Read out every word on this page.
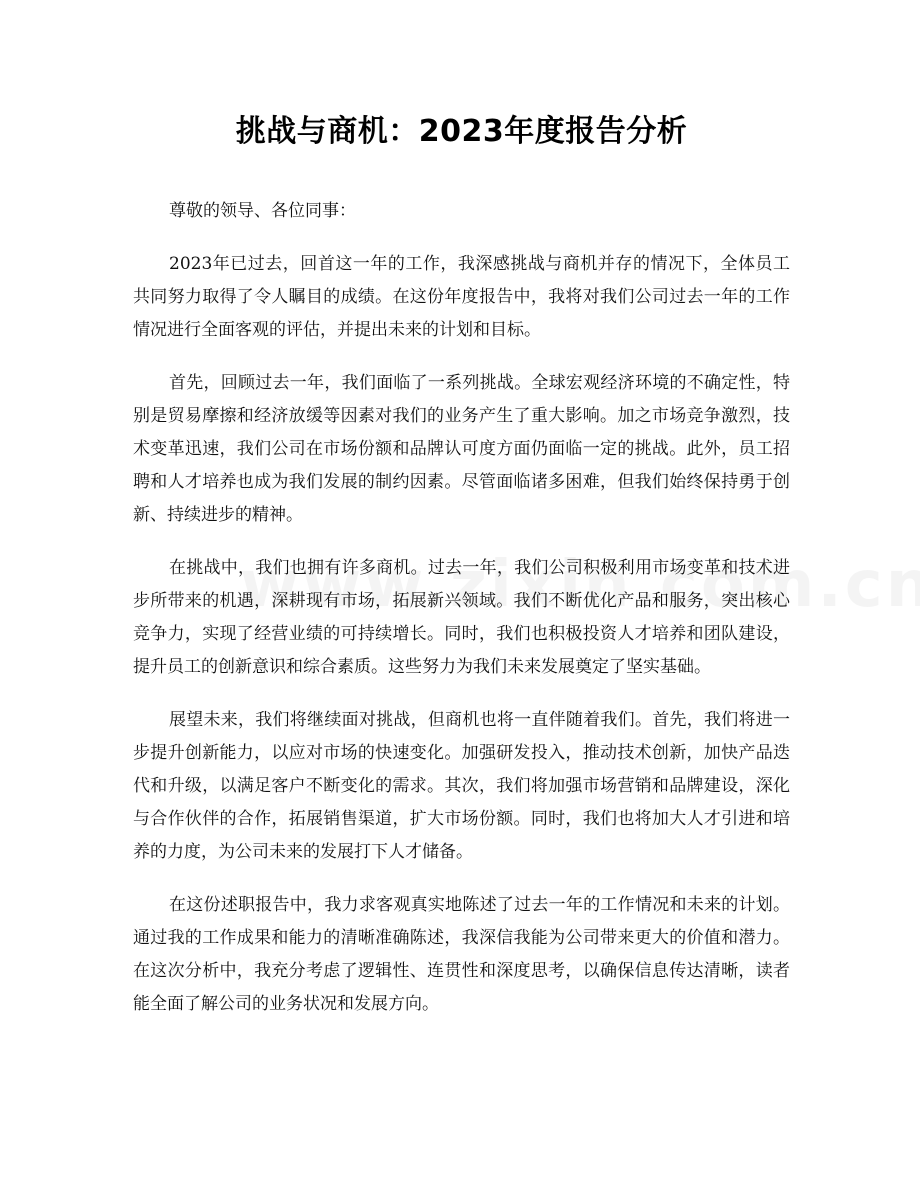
挑战与商机：2023年度报告分析

尊敬的领导、各位同事：

2023年已过去，回首这一年的工作，我深感挑战与商机并存的情况下，全体员工共同努力取得了令人瞩目的成绩。在这份年度报告中，我将对我们公司过去一年的工作情况进行全面客观的评估，并提出未来的计划和目标。

首先，回顾过去一年，我们面临了一系列挑战。全球宏观经济环境的不确定性，特别是贸易摩擦和经济放缓等因素对我们的业务产生了重大影响。加之市场竞争激烈，技术变革迅速，我们公司在市场份额和品牌认可度方面仍面临一定的挑战。此外，员工招聘和人才培养也成为我们发展的制约因素。尽管面临诸多困难，但我们始终保持勇于创新、持续进步的精神。

在挑战中，我们也拥有许多商机。过去一年，我们公司积极利用市场变革和技术进步所带来的机遇，深耕现有市场，拓展新兴领域。我们不断优化产品和服务，突出核心竞争力，实现了经营业绩的可持续增长。同时，我们也积极投资人才培养和团队建设，提升员工的创新意识和综合素质。这些努力为我们未来发展奠定了坚实基础。

展望未来，我们将继续面对挑战，但商机也将一直伴随着我们。首先，我们将进一步提升创新能力，以应对市场的快速变化。加强研发投入，推动技术创新，加快产品迭代和升级，以满足客户不断变化的需求。其次，我们将加强市场营销和品牌建设，深化与合作伙伴的合作，拓展销售渠道，扩大市场份额。同时，我们也将加大人才引进和培养的力度，为公司未来的发展打下人才储备。

在这份述职报告中，我力求客观真实地陈述了过去一年的工作情况和未来的计划。通过我的工作成果和能力的清晰准确陈述，我深信我能为公司带来更大的价值和潜力。在这次分析中，我充分考虑了逻辑性、连贯性和深度思考，以确保信息传达清晰，读者能全面了解公司的业务状况和发展方向。
